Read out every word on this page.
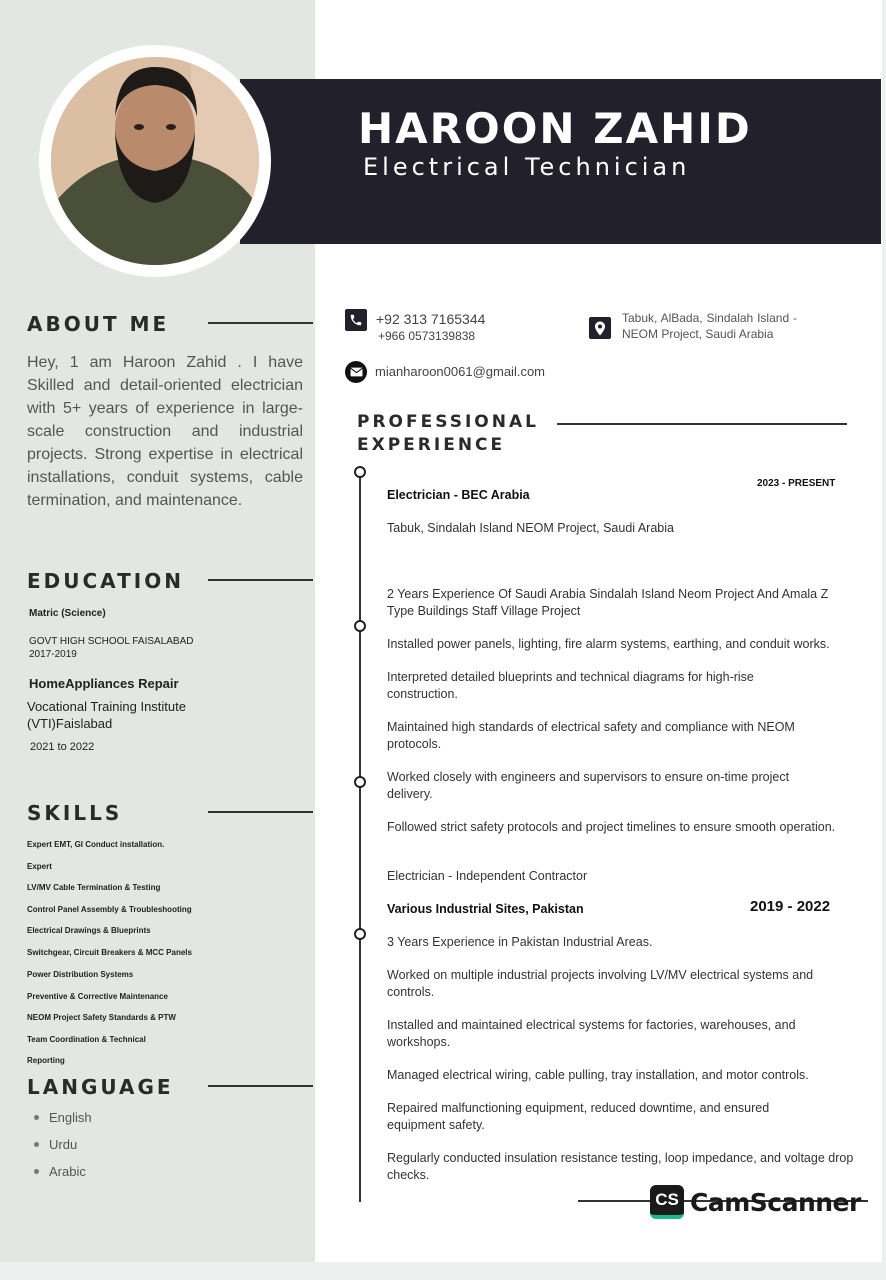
HAROON ZAHID
Electrical Technician
ABOUT ME
Hey, 1 am Haroon Zahid . I have Skilled and detail-oriented electrician with 5+ years of experience in large-scale construction and industrial projects. Strong expertise in electrical installations, conduit systems, cable termination, and maintenance.
EDUCATION
Matric (Science)
GOVT HIGH SCHOOL FAISALABAD
2017-2019
HomeAppliances Repair
Vocational Training Institute
(VTI)Faislabad
2021 to 2022
SKILLS
Expert EMT, GI Conduct installation.
Expert
LV/MV Cable Termination & Testing
Control Panel Assembly & Troubleshooting
Electrical Drawings & Blueprints
Switchgear, Circuit Breakers & MCC Panels
Power Distribution Systems
Preventive & Corrective Maintenance
NEOM Project Safety Standards & PTW
Team Coordination & Technical
Reporting
LANGUAGE
English
Urdu
Arabic
+92 313 7165344
+966 0573139838
mianharoon0061@gmail.com
Tabuk, AlBada, Sindalah Island -NEOM Project, Saudi Arabia
PROFESSIONAL
EXPERIENCE
Electrician - BEC Arabia
2023 - PRESENT
Tabuk, Sindalah Island NEOM Project, Saudi Arabia
2 Years Experience Of Saudi Arabia Sindalah Island Neom Project And Amala Z Type Buildings Staff Village Project
Installed power panels, lighting, fire alarm systems, earthing, and conduit works.
Interpreted detailed blueprints and technical diagrams for high-rise construction.
Maintained high standards of electrical safety and compliance with NEOM protocols.
Worked closely with engineers and supervisors to ensure on-time project delivery.
Followed strict safety protocols and project timelines to ensure smooth operation.
Electrician - Independent Contractor
Various Industrial Sites, Pakistan	2019 - 2022
3 Years Experience in Pakistan Industrial Areas.
Worked on multiple industrial projects involving LV/MV electrical systems and controls.
Installed and maintained electrical systems for factories, warehouses, and workshops.
Managed electrical wiring, cable pulling, tray installation, and motor controls.
Repaired malfunctioning equipment, reduced downtime, and ensured equipment safety.
Regularly conducted insulation resistance testing, loop impedance, and voltage drop checks.
CS CamScanner
